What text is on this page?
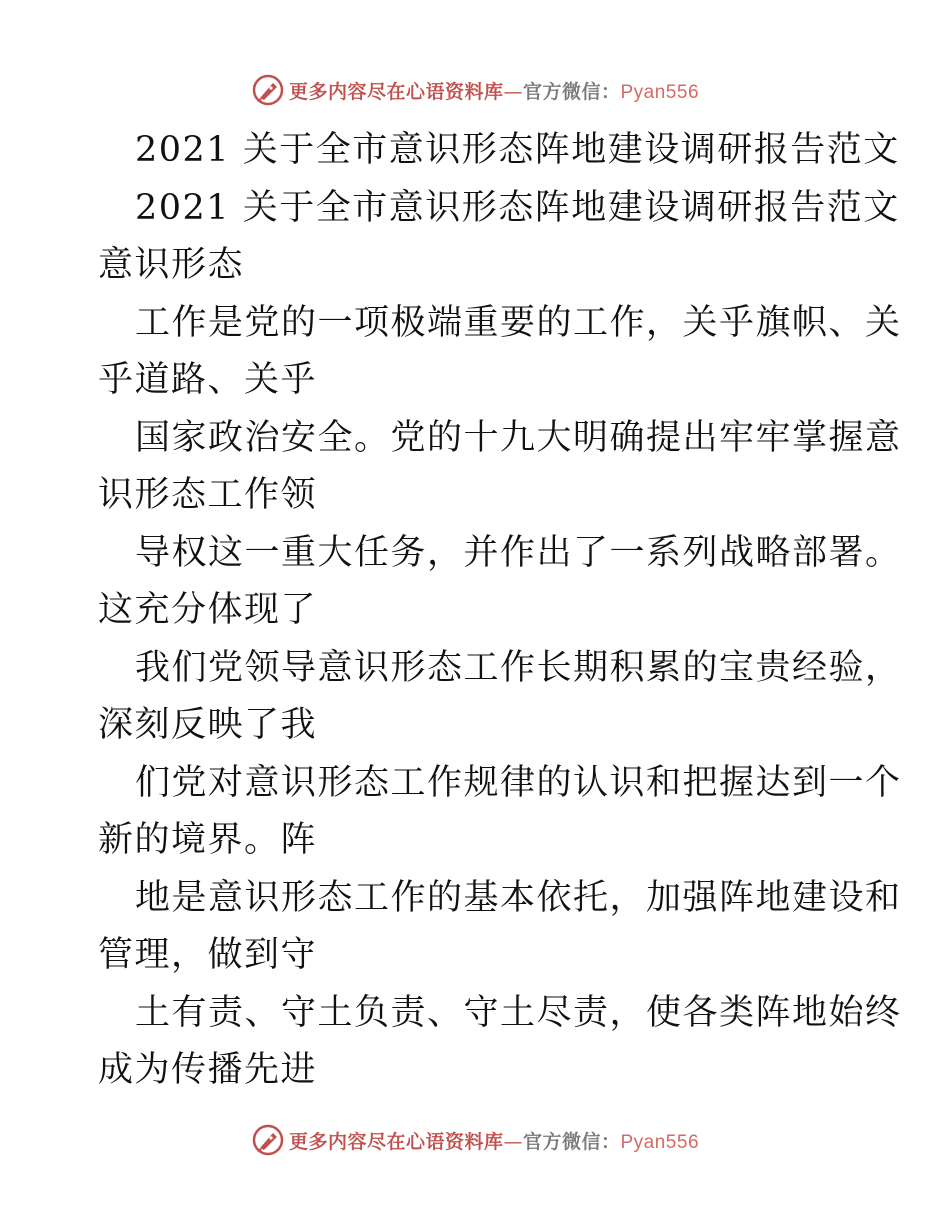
更多内容尽在心语资料库—官方微信：Pyan556
2021 关于全市意识形态阵地建设调研报告范文
2021 关于全市意识形态阵地建设调研报告范文
意识形态
工作是党的一项极端重要的工作，关乎旗帜、关
乎道路、关乎
国家政治安全。党的十九大明确提出牢牢掌握意
识形态工作领
导权这一重大任务，并作出了一系列战略部署。
这充分体现了
我们党领导意识形态工作长期积累的宝贵经验，
深刻反映了我
们党对意识形态工作规律的认识和把握达到一个
新的境界。阵
地是意识形态工作的基本依托，加强阵地建设和
管理，做到守
土有责、守土负责、守土尽责，使各类阵地始终
成为传播先进
更多内容尽在心语资料库—官方微信：Pyan556
